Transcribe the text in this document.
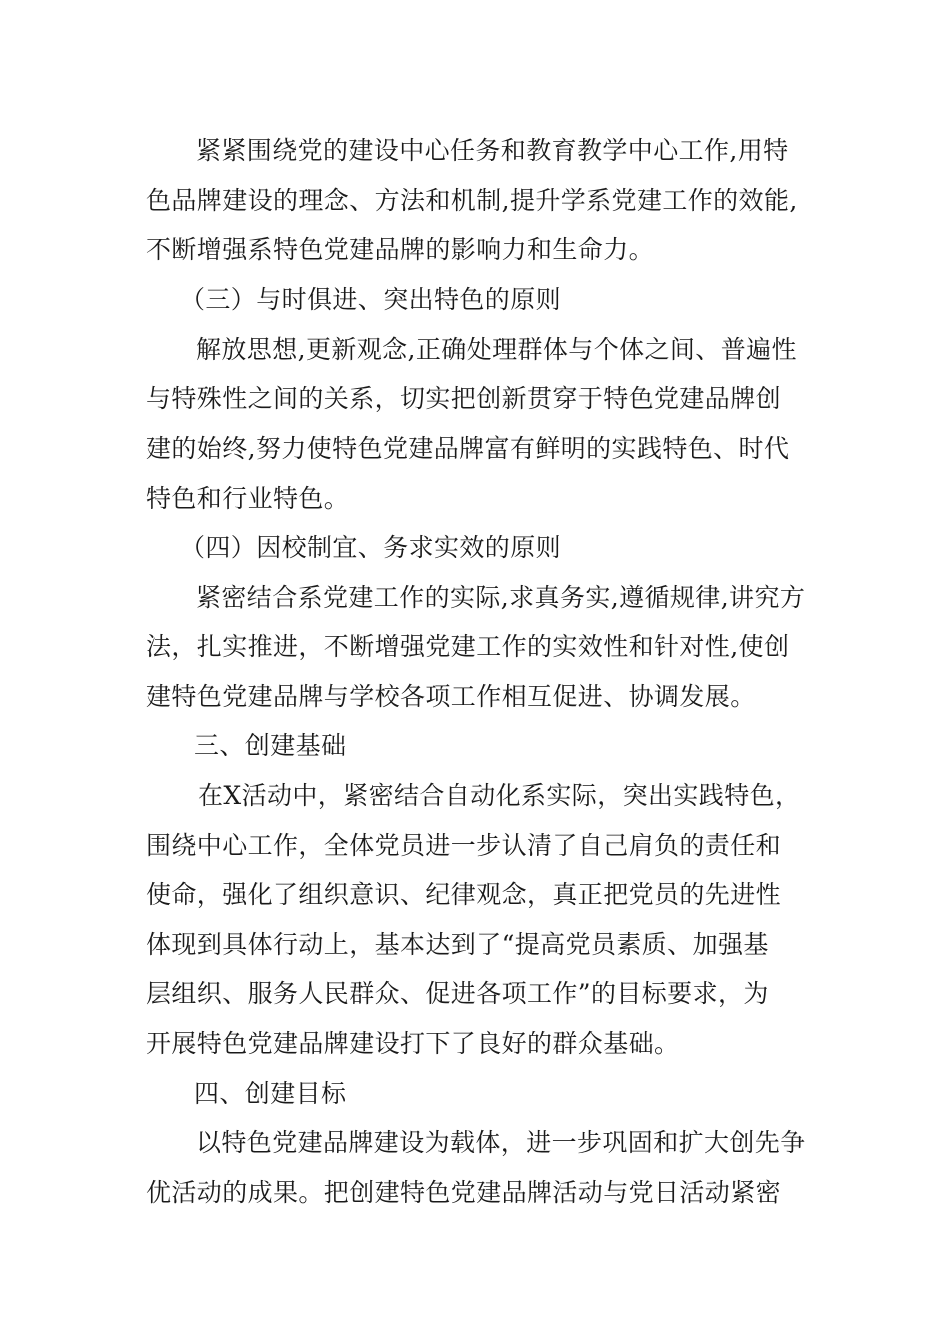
紧紧围绕党的建设中心任务和教育教学中心工作,用特
色品牌建设的理念、方法和机制,提升学系党建工作的效能,
不断增强系特色党建品牌的影响力和生命力。
（三）与时俱进、突出特色的原则
解放思想,更新观念,正确处理群体与个体之间、普遍性
与特殊性之间的关系，切实把创新贯穿于特色党建品牌创
建的始终,努力使特色党建品牌富有鲜明的实践特色、时代
特色和行业特色。
（四）因校制宜、务求实效的原则
紧密结合系党建工作的实际,求真务实,遵循规律,讲究方
法，扎实推进，不断增强党建工作的实效性和针对性,使创
建特色党建品牌与学校各项工作相互促进、协调发展。
三、创建基础
在X活动中，紧密结合自动化系实际，突出实践特色，
围绕中心工作，全体党员进一步认清了自己肩负的责任和
使命，强化了组织意识、纪律观念，真正把党员的先进性
体现到具体行动上，基本达到了“提高党员素质、加强基
层组织、服务人民群众、促进各项工作”的目标要求，为
开展特色党建品牌建设打下了良好的群众基础。
四、创建目标
以特色党建品牌建设为载体，进一步巩固和扩大创先争
优活动的成果。把创建特色党建品牌活动与党日活动紧密
